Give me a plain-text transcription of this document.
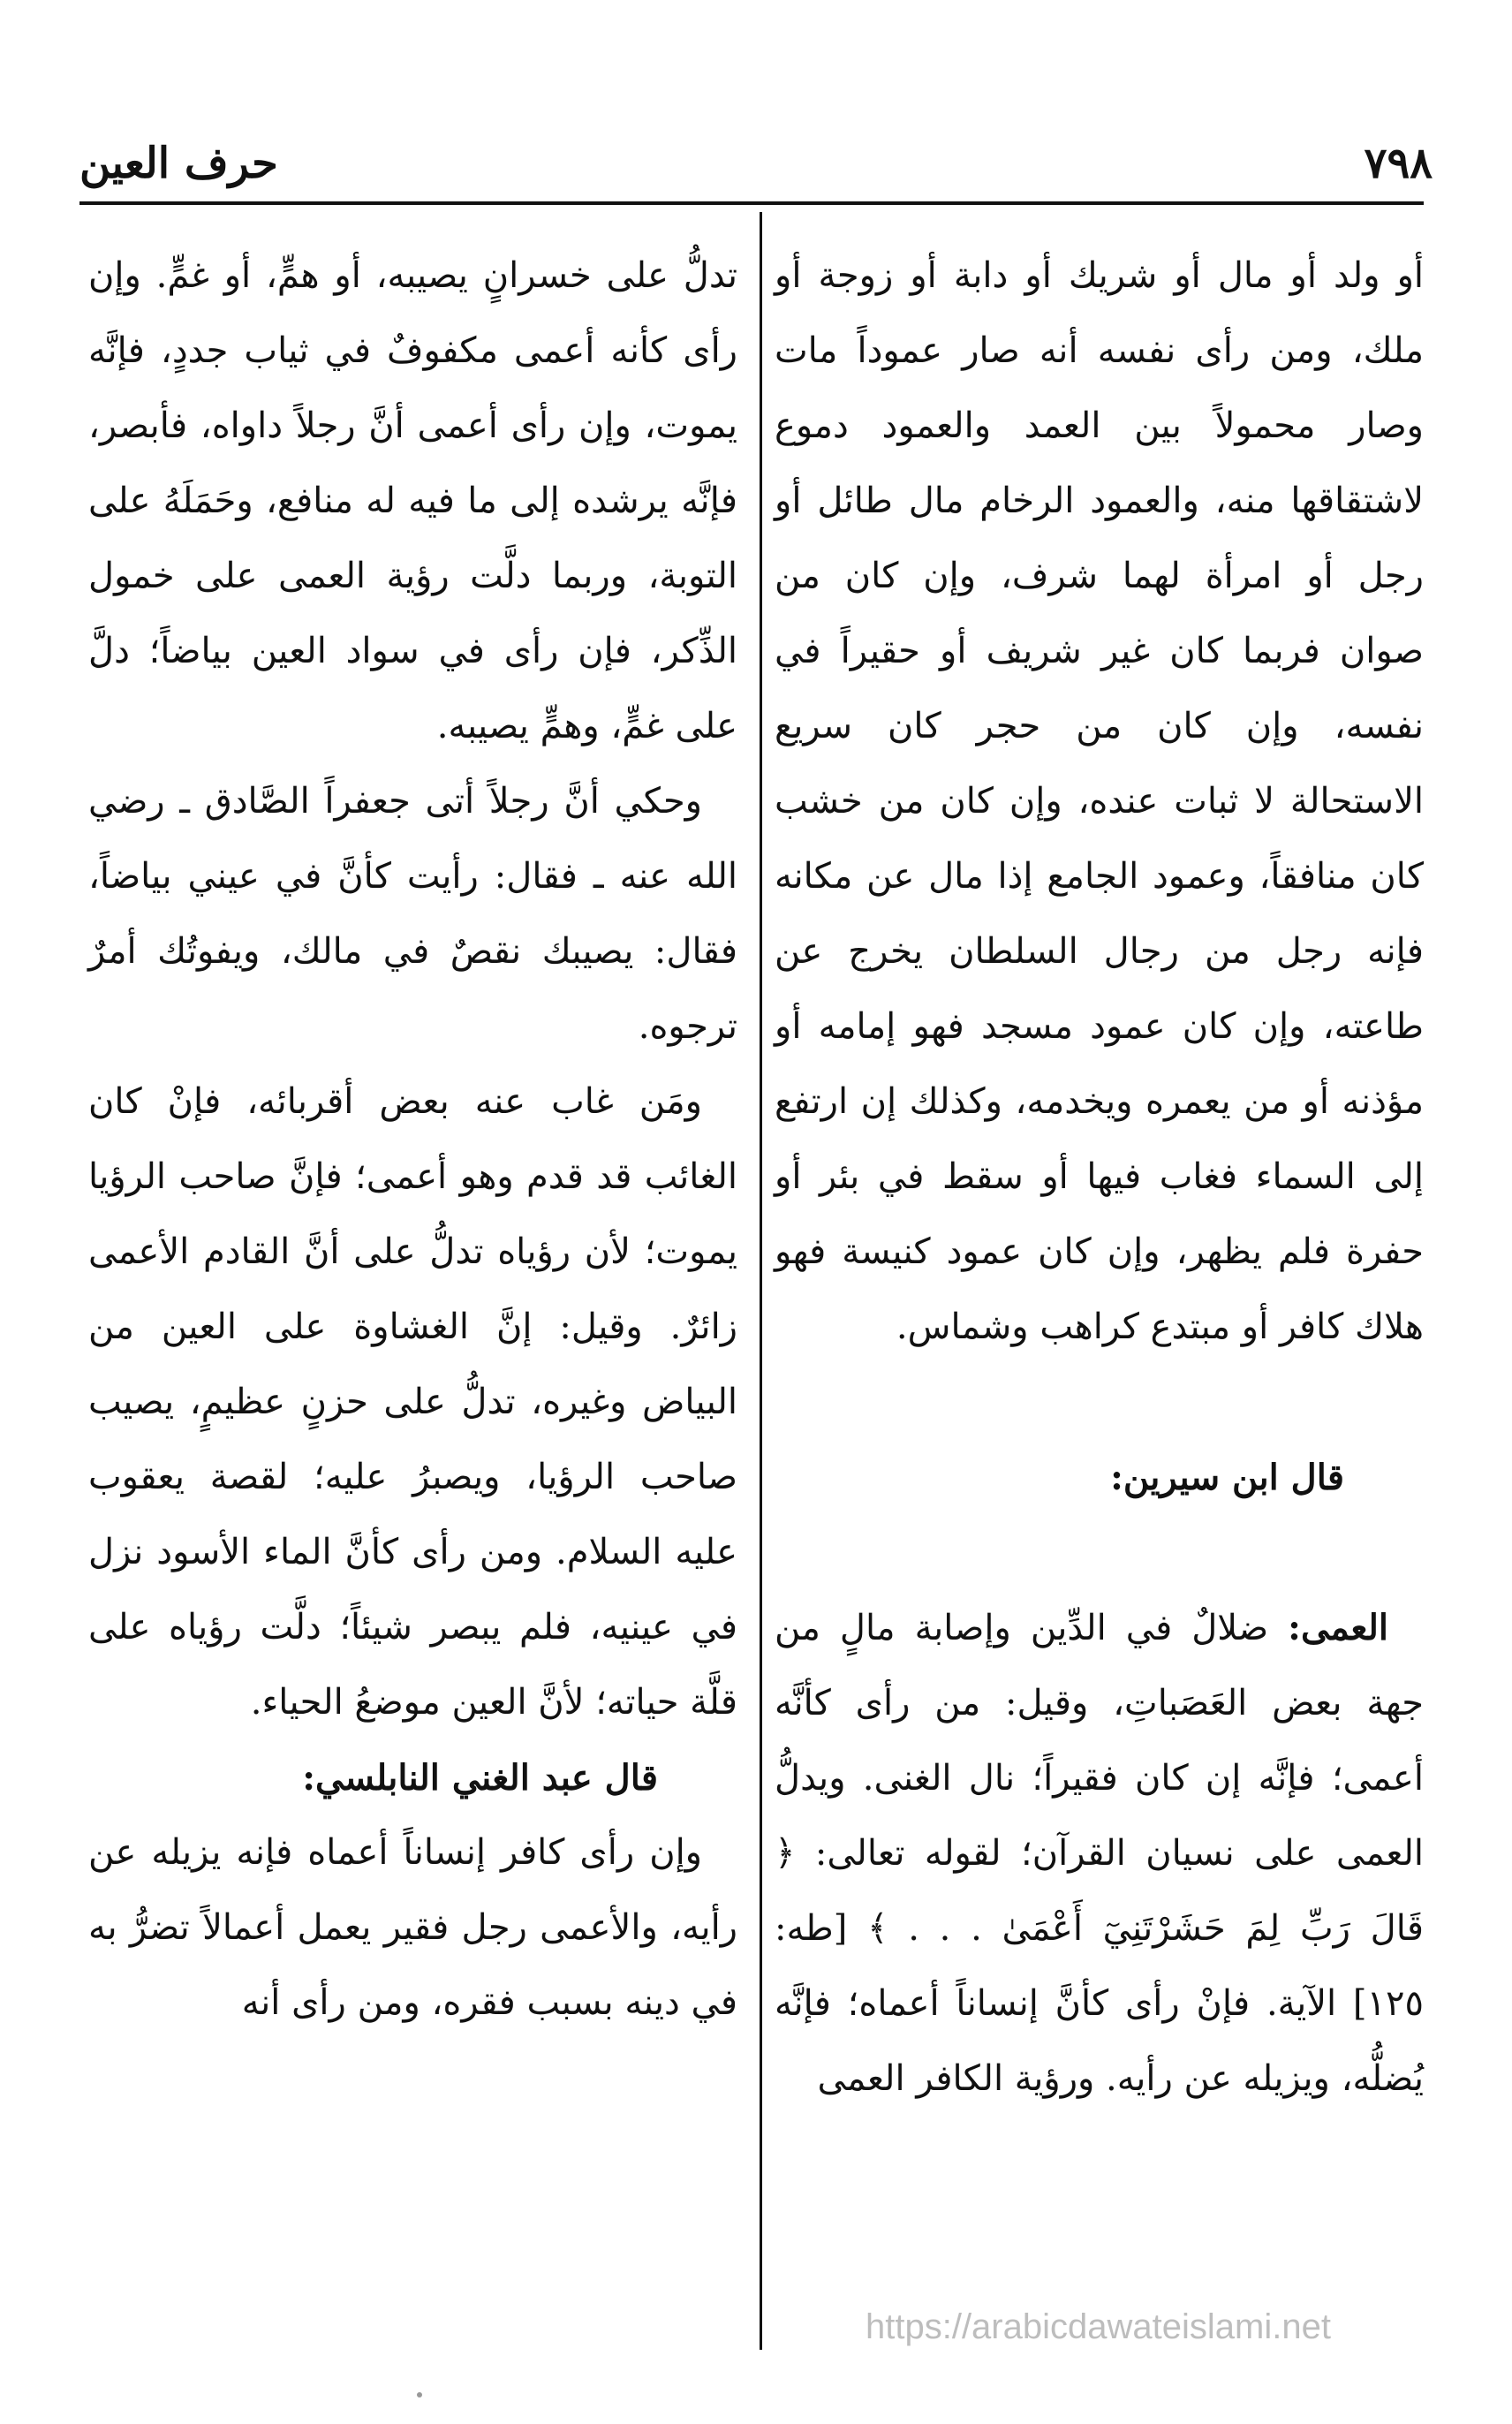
٧٩٨
حرف العين

أو ولد أو مال أو شريك أو دابة أو زوجة أو ملك، ومن رأى نفسه أنه صار عموداً مات وصار محمولاً بين العمد والعمود دموع لاشتقاقها منه، والعمود الرخام مال طائل أو رجل أو امرأة لهما شرف، وإن كان من صوان فربما كان غير شريف أو حقيراً في نفسه، وإن كان من حجر كان سريع الاستحالة لا ثبات عنده، وإن كان من خشب كان منافقاً، وعمود الجامع إذا مال عن مكانه فإنه رجل من رجال السلطان يخرج عن طاعته، وإن كان عمود مسجد فهو إمامه أو مؤذنه أو من يعمره ويخدمه، وكذلك إن ارتفع إلى السماء فغاب فيها أو سقط في بئر أو حفرة فلم يظهر، وإن كان عمود كنيسة فهو هلاك كافر أو مبتدع كراهب وشماس.

قال ابن سيرين:

العمى: ضلالٌ في الدِّين وإصابة مالٍ من جهة بعض العَصَباتِ، وقيل: من رأى كأنَّه أعمى؛ فإنَّه إن كان فقيراً؛ نال الغنى. ويدلُّ العمى على نسيان القرآن؛ لقوله تعالى: ﴿ قَالَ رَبِّ لِمَ حَشَرْتَنِيٓ أَعْمَىٰ . . . ﴾ [طه: ١٢٥] الآية. فإنْ رأى كأنَّ إنساناً أعماه؛ فإنَّه يُضلُّه، ويزيله عن رأيه. ورؤية الكافر العمى

تدلُّ على خسرانٍ يصيبه، أو همٍّ، أو غمٍّ. وإن رأى كأنه أعمى مكفوفٌ في ثياب جددٍ، فإنَّه يموت، وإن رأى أعمى أنَّ رجلاً داواه، فأبصر، فإنَّه يرشده إلى ما فيه له منافع، وحَمَلَهُ على التوبة، وربما دلَّت رؤية العمى على خمول الذِّكر، فإن رأى في سواد العين بياضاً؛ دلَّ على غمٍّ، وهمٍّ يصيبه.

وحكي أنَّ رجلاً أتى جعفراً الصَّادق ـ رضي الله عنه ـ فقال: رأيت كأنَّ في عيني بياضاً، فقال: يصيبك نقصٌ في مالك، ويفوتُك أمرٌ ترجوه.

ومَن غاب عنه بعض أقربائه، فإنْ كان الغائب قد قدم وهو أعمى؛ فإنَّ صاحب الرؤيا يموت؛ لأن رؤياه تدلُّ على أنَّ القادم الأعمى زائرٌ. وقيل: إنَّ الغشاوة على العين من البياض وغيره، تدلُّ على حزنٍ عظيمٍ، يصيب صاحب الرؤيا، ويصبرُ عليه؛ لقصة يعقوب عليه السلام. ومن رأى كأنَّ الماء الأسود نزل في عينيه، فلم يبصر شيئاً؛ دلَّت رؤياه على قلَّة حياته؛ لأنَّ العين موضعُ الحياء.

قال عبد الغني النابلسي:

وإن رأى كافر إنساناً أعماه فإنه يزيله عن رأيه، والأعمى رجل فقير يعمل أعمالاً تضرُّ به في دينه بسبب فقره، ومن رأى أنه

https://arabicdawateislami.net
